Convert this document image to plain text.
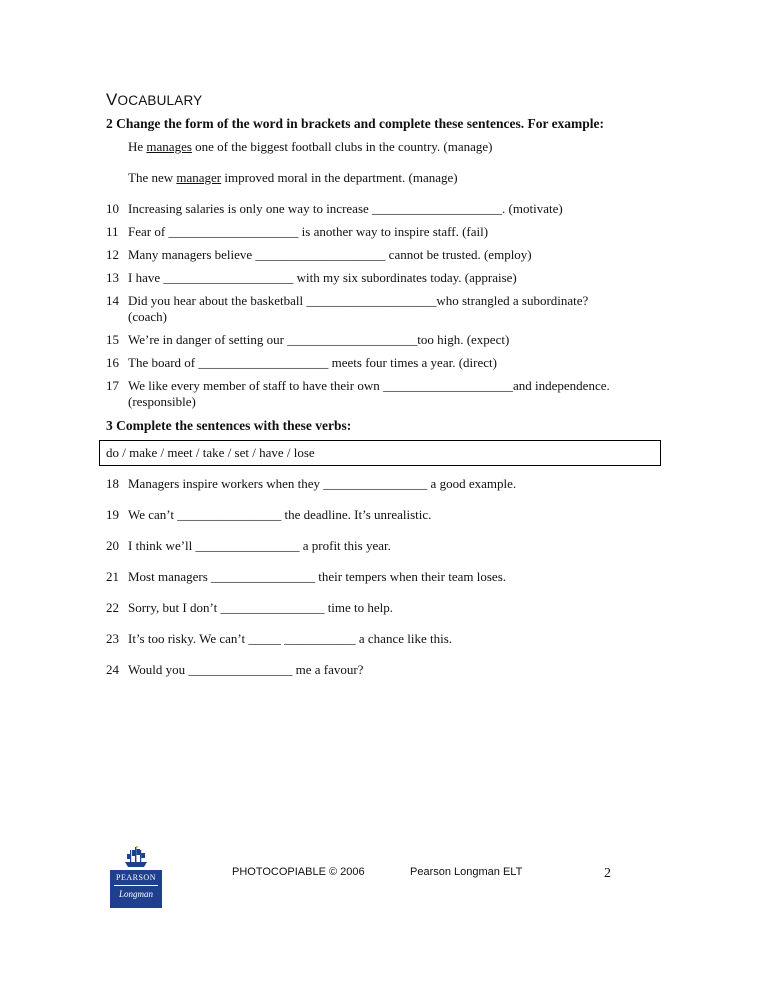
VOCABULARY
2 Change the form of the word in brackets and complete these sentences. For example:
He manages one of the biggest football clubs in the country. (manage)
The new manager improved moral in the department. (manage)
10 Increasing salaries is only one way to increase ____________________. (motivate)
11 Fear of ____________________ is another way to inspire staff. (fail)
12 Many managers believe ____________________ cannot be trusted. (employ)
13 I have ____________________ with my six subordinates today. (appraise)
14 Did you hear about the basketball ____________________who strangled a subordinate? (coach)
15 We’re in danger of setting our ____________________too high. (expect)
16 The board of ____________________ meets four times a year. (direct)
17 We like every member of staff to have their own ____________________and independence. (responsible)
3 Complete the sentences with these verbs:
do / make / meet / take / set / have / lose
18 Managers inspire workers when they ________________ a good example.
19 We can’t ________________ the deadline. It’s unrealistic.
20 I think we’ll ________________ a profit this year.
21 Most managers ________________ their tempers when their team loses.
22 Sorry, but I don’t ________________ time to help.
23 It’s too risky. We can’t _____ ___________ a chance like this.
24 Would you ________________ me a favour?
PEARSON
Longman
PHOTOCOPIABLE © 2006	Pearson Longman ELT	2
